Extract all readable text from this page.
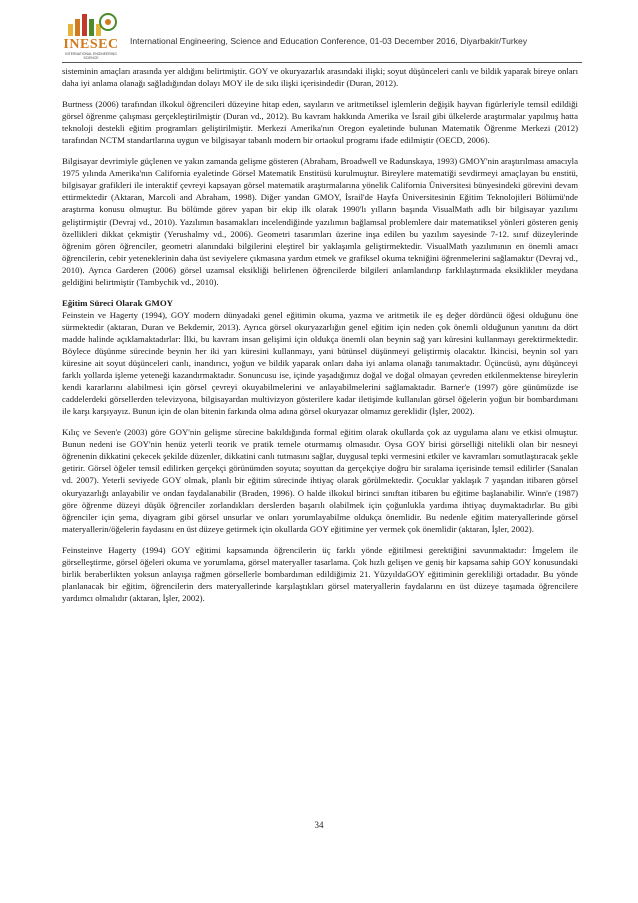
INESEC
INTERNATIONAL ENGINEERING SCIENCE
International Engineering, Science and Education Conference, 01-03 December 2016, Diyarbakir/Turkey

sisteminin amaçları arasında yer aldığını belirtmiştir. GOY ve okuryazarlık arasındaki ilişki; soyut düşünceleri canlı ve bildik yaparak bireye onları daha iyi anlama olanağı sağladığından dolayı MOY ile de sıkı ilişki içerisindedir (Duran, 2012).

Burtness (2006) tarafından ilkokul öğrencileri düzeyine hitap eden, sayıların ve aritmetiksel işlemlerin değişik hayvan figürleriyle temsil edildiği görsel öğrenme çalışması gerçekleştirilmiştir (Duran vd., 2012). Bu kavram hakkında Amerika ve İsrail gibi ülkelerde araştırmalar yapılmış hatta teknoloji destekli eğitim programları geliştirilmiştir. Merkezi Amerika'nın Oregon eyaletinde bulunan Matematik Öğrenme Merkezi (2012) tarafından NCTM standartlarına uygun ve bilgisayar tabanlı modern bir ortaokul programı ifade edilmiştir (OECD, 2006).

Bilgisayar devrimiyle güçlenen ve yakın zamanda gelişme gösteren (Abraham, Broadwell ve Radunskaya, 1993) GMOY'nin araştırılması amacıyla 1975 yılında Amerika'nın California eyaletinde Görsel Matematik Enstitüsü kurulmuştur. Bireylere matematiği sevdirmeyi amaçlayan bu enstitü, bilgisayar grafikleri ile interaktif çevreyi kapsayan görsel matematik araştırmalarına yönelik California Üniversitesi bünyesindeki görevini devam ettirmektedir (Aktaran, Marcoli and Abraham, 1998). Diğer yandan GMOY, İsrail'de Hayfa Üniversitesinin Eğitim Teknolojileri Bölümü'nde araştırma konusu olmuştur. Bu bölümde görev yapan bir ekip ilk olarak 1990'lı yılların başında VisualMath adlı bir bilgisayar yazılımı geliştirmiştir (Devraj vd., 2010). Yazılımın basamakları incelendiğinde yazılımın bağlamsal problemlere dair matematiksel yönleri gösteren geniş özellikleri dikkat çekmiştir (Yerushalmy vd., 2006). Geometri tasarımları üzerine inşa edilen bu yazılım sayesinde 7-12. sınıf düzeylerinde öğrenim gören öğrenciler, geometri alanındaki bilgilerini eleştirel bir yaklaşımla geliştirmektedir. VisualMath yazılımının en önemli amacı öğrencilerin, cebir yeteneklerinin daha üst seviyelere çıkmasına yardım etmek ve grafiksel okuma tekniğini öğrenmelerini sağlamaktır (Devraj vd., 2010). Ayrıca Garderen (2006) görsel uzamsal eksikliği belirlenen öğrencilerde bilgileri anlamlandırıp farklılaştırmada eksiklikler meydana geldiğini belirtmiştir (Tambychik vd., 2010).

Eğitim Süreci Olarak GMOY

Feinstein ve Hagerty (1994), GOY modern dünyadaki genel eğitimin okuma, yazma ve aritmetik ile eş değer dördüncü öğesi olduğunu öne sürmektedir (aktaran, Duran ve Bekdemir, 2013). Ayrıca görsel okuryazarlığın genel eğitim için neden çok önemli olduğunun yanıtını da dört madde halinde açıklamaktadırlar: İlki, bu kavram insan gelişimi için oldukça önemli olan beynin sağ yarı küresini kullanmayı gerektirmektedir. Böylece düşünme sürecinde beynin her iki yarı küresini kullanmayı, yani bütünsel düşünmeyi geliştirmiş olacaktır. İkincisi, beynin sol yarı küresine ait soyut düşünceleri canlı, inandırıcı, yoğun ve bildik yaparak onları daha iyi anlama olanağı tanımaktadır. Üçüncüsü, aynı düşünceyi farklı yollarda işleme yeteneği kazandırmaktadır. Sonuncusu ise, içinde yaşadığımız doğal ve doğal olmayan çevreden etkilenmektense bireylerin kendi kararlarını alabilmesi için görsel çevreyi okuyabilmelerini ve anlayabilmelerini sağlamaktadır. Barner'e (1997) göre günümüzde ise caddelerdeki görsellerden televizyona, bilgisayardan multivizyon gösterilere kadar iletişimde kullanılan görsel öğelerin yoğun bir bombardımanı ile karşı karşıyayız. Bunun için de olan bitenin farkında olma adına görsel okuryazar olmamız gereklidir (İşler, 2002).

Kılıç ve Seven'e (2003) göre GOY'nin gelişme sürecine bakıldığında formal eğitim olarak okullarda çok az uygulama alanı ve etkisi olmuştur. Bunun nedeni ise GOY'nin henüz yeterli teorik ve pratik temele oturmamış olmasıdır. Oysa GOY birisi görselliği nitelikli olan bir nesneyi öğrenenin dikkatini çekecek şekilde düzenler, dikkatini canlı tutmasını sağlar, duygusal tepki vermesini etkiler ve kavramları somutlaştıracak şekle getirir. Görsel öğeler temsil edilirken gerçekçi görünümden soyuta; soyuttan da gerçekçiye doğru bir sıralama içerisinde temsil edilirler (Sanalan vd. 2007). Yeterli seviyede GOY olmak, planlı bir eğitim sürecinde ihtiyaç olarak görülmektedir. Çocuklar yaklaşık 7 yaşından itibaren görsel okuryazarlığı anlayabilir ve ondan faydalanabilir (Braden, 1996). O halde ilkokul birinci sınıftan itibaren bu eğitime başlanabilir. Winn'e (1987) göre öğrenme düzeyi düşük öğrenciler zorlandıkları derslerden başarılı olabilmek için çoğunlukla yardıma ihtiyaç duymaktadırlar. Bu gibi öğrenciler için şema, diyagram gibi görsel unsurlar ve onları yorumlayabilme oldukça önemlidir. Bu nedenle eğitim materyallerinde görsel materyallerin/öğelerin faydasını en üst düzeye getirmek için okullarda GOY eğitimine yer vermek çok önemlidir (aktaran, İşler, 2002).

Feinsteinve Hagerty (1994) GOY eğitimi kapsamında öğrencilerin üç farklı yönde eğitilmesi gerektiğini savunmaktadır: İmgelem ile görselleştirme, görsel öğeleri okuma ve yorumlama, görsel materyaller tasarlama. Çok hızlı gelişen ve geniş bir kapsama sahip GOY konusundaki birlik beraberlikten yoksun anlayışa rağmen görsellerle bombardıman edildiğimiz 21. YüzyıldaGOY eğitiminin gerekliliği ortadadır. Bu yönde planlanacak bir eğitim, öğrencilerin ders materyallerinde karşılaştıkları görsel materyallerin faydalarını en üst düzeye taşımada öğrencilere yardımcı olmalıdır (aktaran, İşler, 2002).

34
